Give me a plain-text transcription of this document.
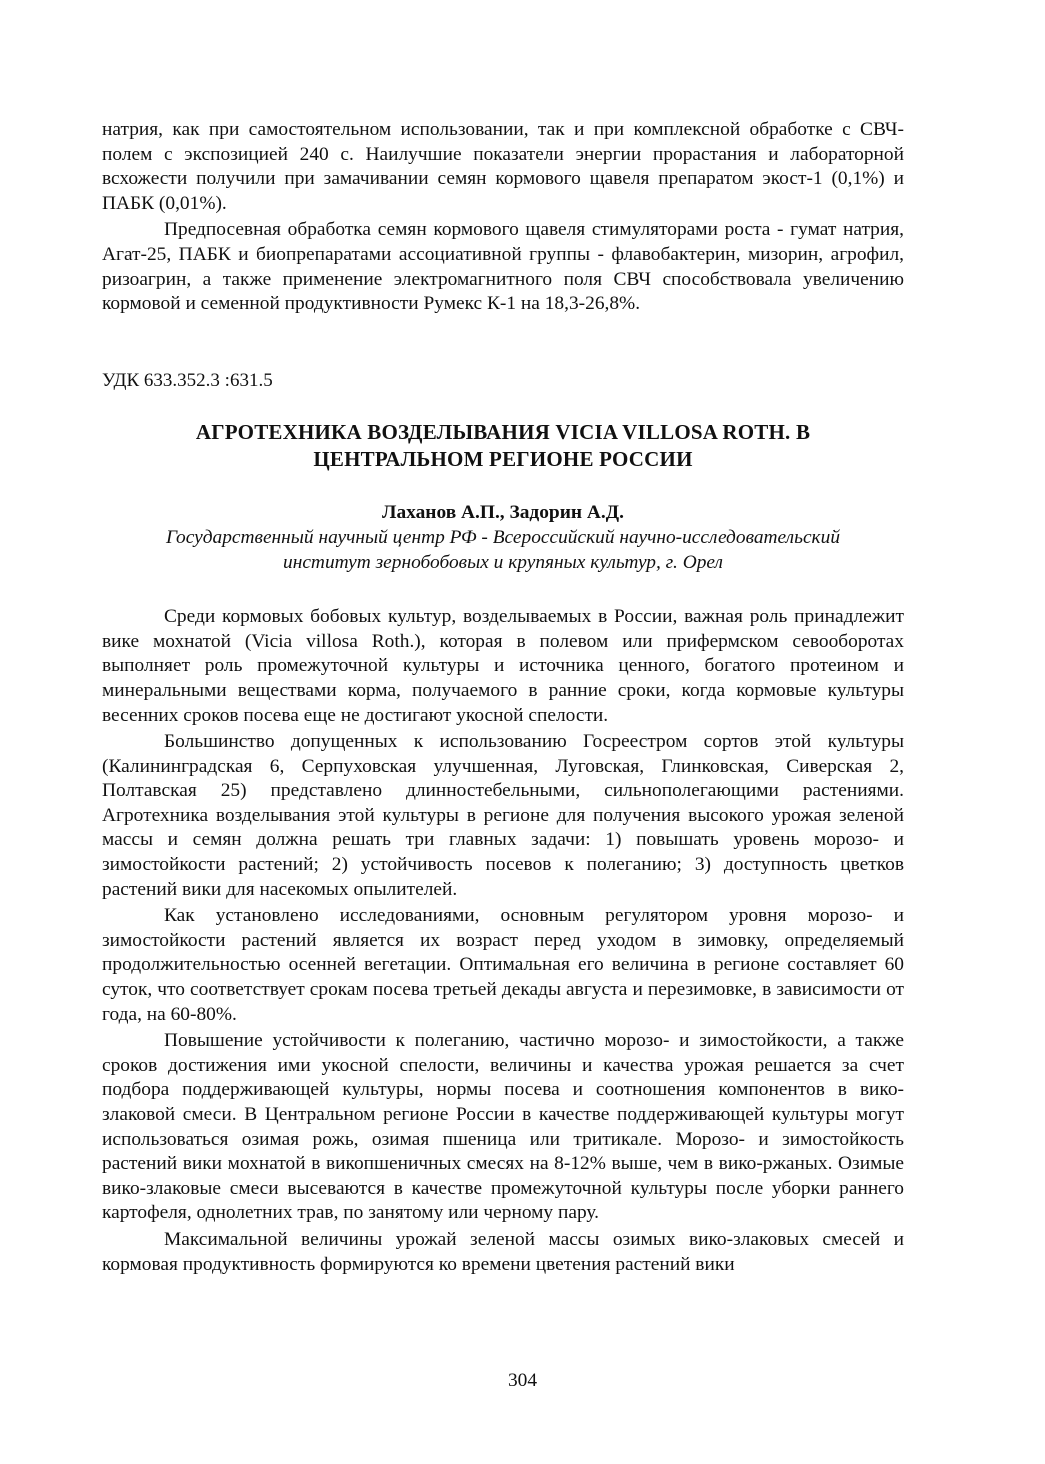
натрия, как при самостоятельном использовании, так и при комплексной обработке с СВЧ-полем с экспозицией 240 с. Наилучшие показатели энергии прорастания и лабораторной всхожести получили при замачивании семян кормового щавеля препаратом экост-1 (0,1%) и ПАБК (0,01%).

Предпосевная обработка семян кормового щавеля стимуляторами роста - гумат натрия, Агат-25, ПАБК и биопрепаратами ассоциативной группы - флавобактерин, мизорин, агрофил, ризоагрин, а также применение электромагнитного поля СВЧ способствовала увеличению кормовой и семенной продуктивности Румекс К-1 на 18,3-26,8%.

УДК 633.352.3 :631.5

АГРОТЕХНИКА ВОЗДЕЛЫВАНИЯ VICIA VILLOSA ROTH. В
ЦЕНТРАЛЬНОМ РЕГИОНЕ РОССИИ
Лаханов А.П., Задорин А.Д.
Государственный научный центр РФ - Всероссийский научно-исследовательский
институт зернобобовых и крупяных культур, г. Орел

Среди кормовых бобовых культур, возделываемых в России, важная роль принадлежит вике мохнатой (Vicia villosa Roth.), которая в полевом или прифермском севооборотах выполняет роль промежуточной культуры и источника ценного, богатого протеином и минеральными веществами корма, получаемого в ранние сроки, когда кормовые культуры весенних сроков посева еще не достигают укосной спелости.

Большинство допущенных к использованию Госреестром сортов этой культуры (Калининградская 6, Серпуховская улучшенная, Луговская, Глинковская, Сиверская 2, Полтавская 25) представлено длинностебельными, сильнополегающими растениями. Агротехника возделывания этой культуры в регионе для получения высокого урожая зеленой массы и семян должна решать три главных задачи: 1) повышать уровень морозо- и зимостойкости растений; 2) устойчивость посевов к полеганию; 3) доступность цветков растений вики для насекомых опылителей.

Как установлено исследованиями, основным регулятором уровня морозо- и зимостойкости растений является их возраст перед уходом в зимовку, определяемый продолжительностью осенней вегетации. Оптимальная его величина в регионе составляет 60 суток, что соответствует срокам посева третьей декады августа и перезимовке, в зависимости от года, на 60-80%.

Повышение устойчивости к полеганию, частично морозо- и зимостойкости, а также сроков достижения ими укосной спелости, величины и качества урожая решается за счет подбора поддерживающей культуры, нормы посева и соотношения компонентов в вико-злаковой смеси. В Центральном регионе России в качестве поддерживающей культуры могут использоваться озимая рожь, озимая пшеница или тритикале. Морозо- и зимостойкость растений вики мохнатой в викопшеничных смесях на 8-12% выше, чем в вико-ржаных. Озимые вико-злаковые смеси высеваются в качестве промежуточной культуры после уборки раннего картофеля, однолетних трав, по занятому или черному пару.

Максимальной величины урожай зеленой массы озимых вико-злаковых смесей и кормовая продуктивность формируются ко времени цветения растений вики

304
